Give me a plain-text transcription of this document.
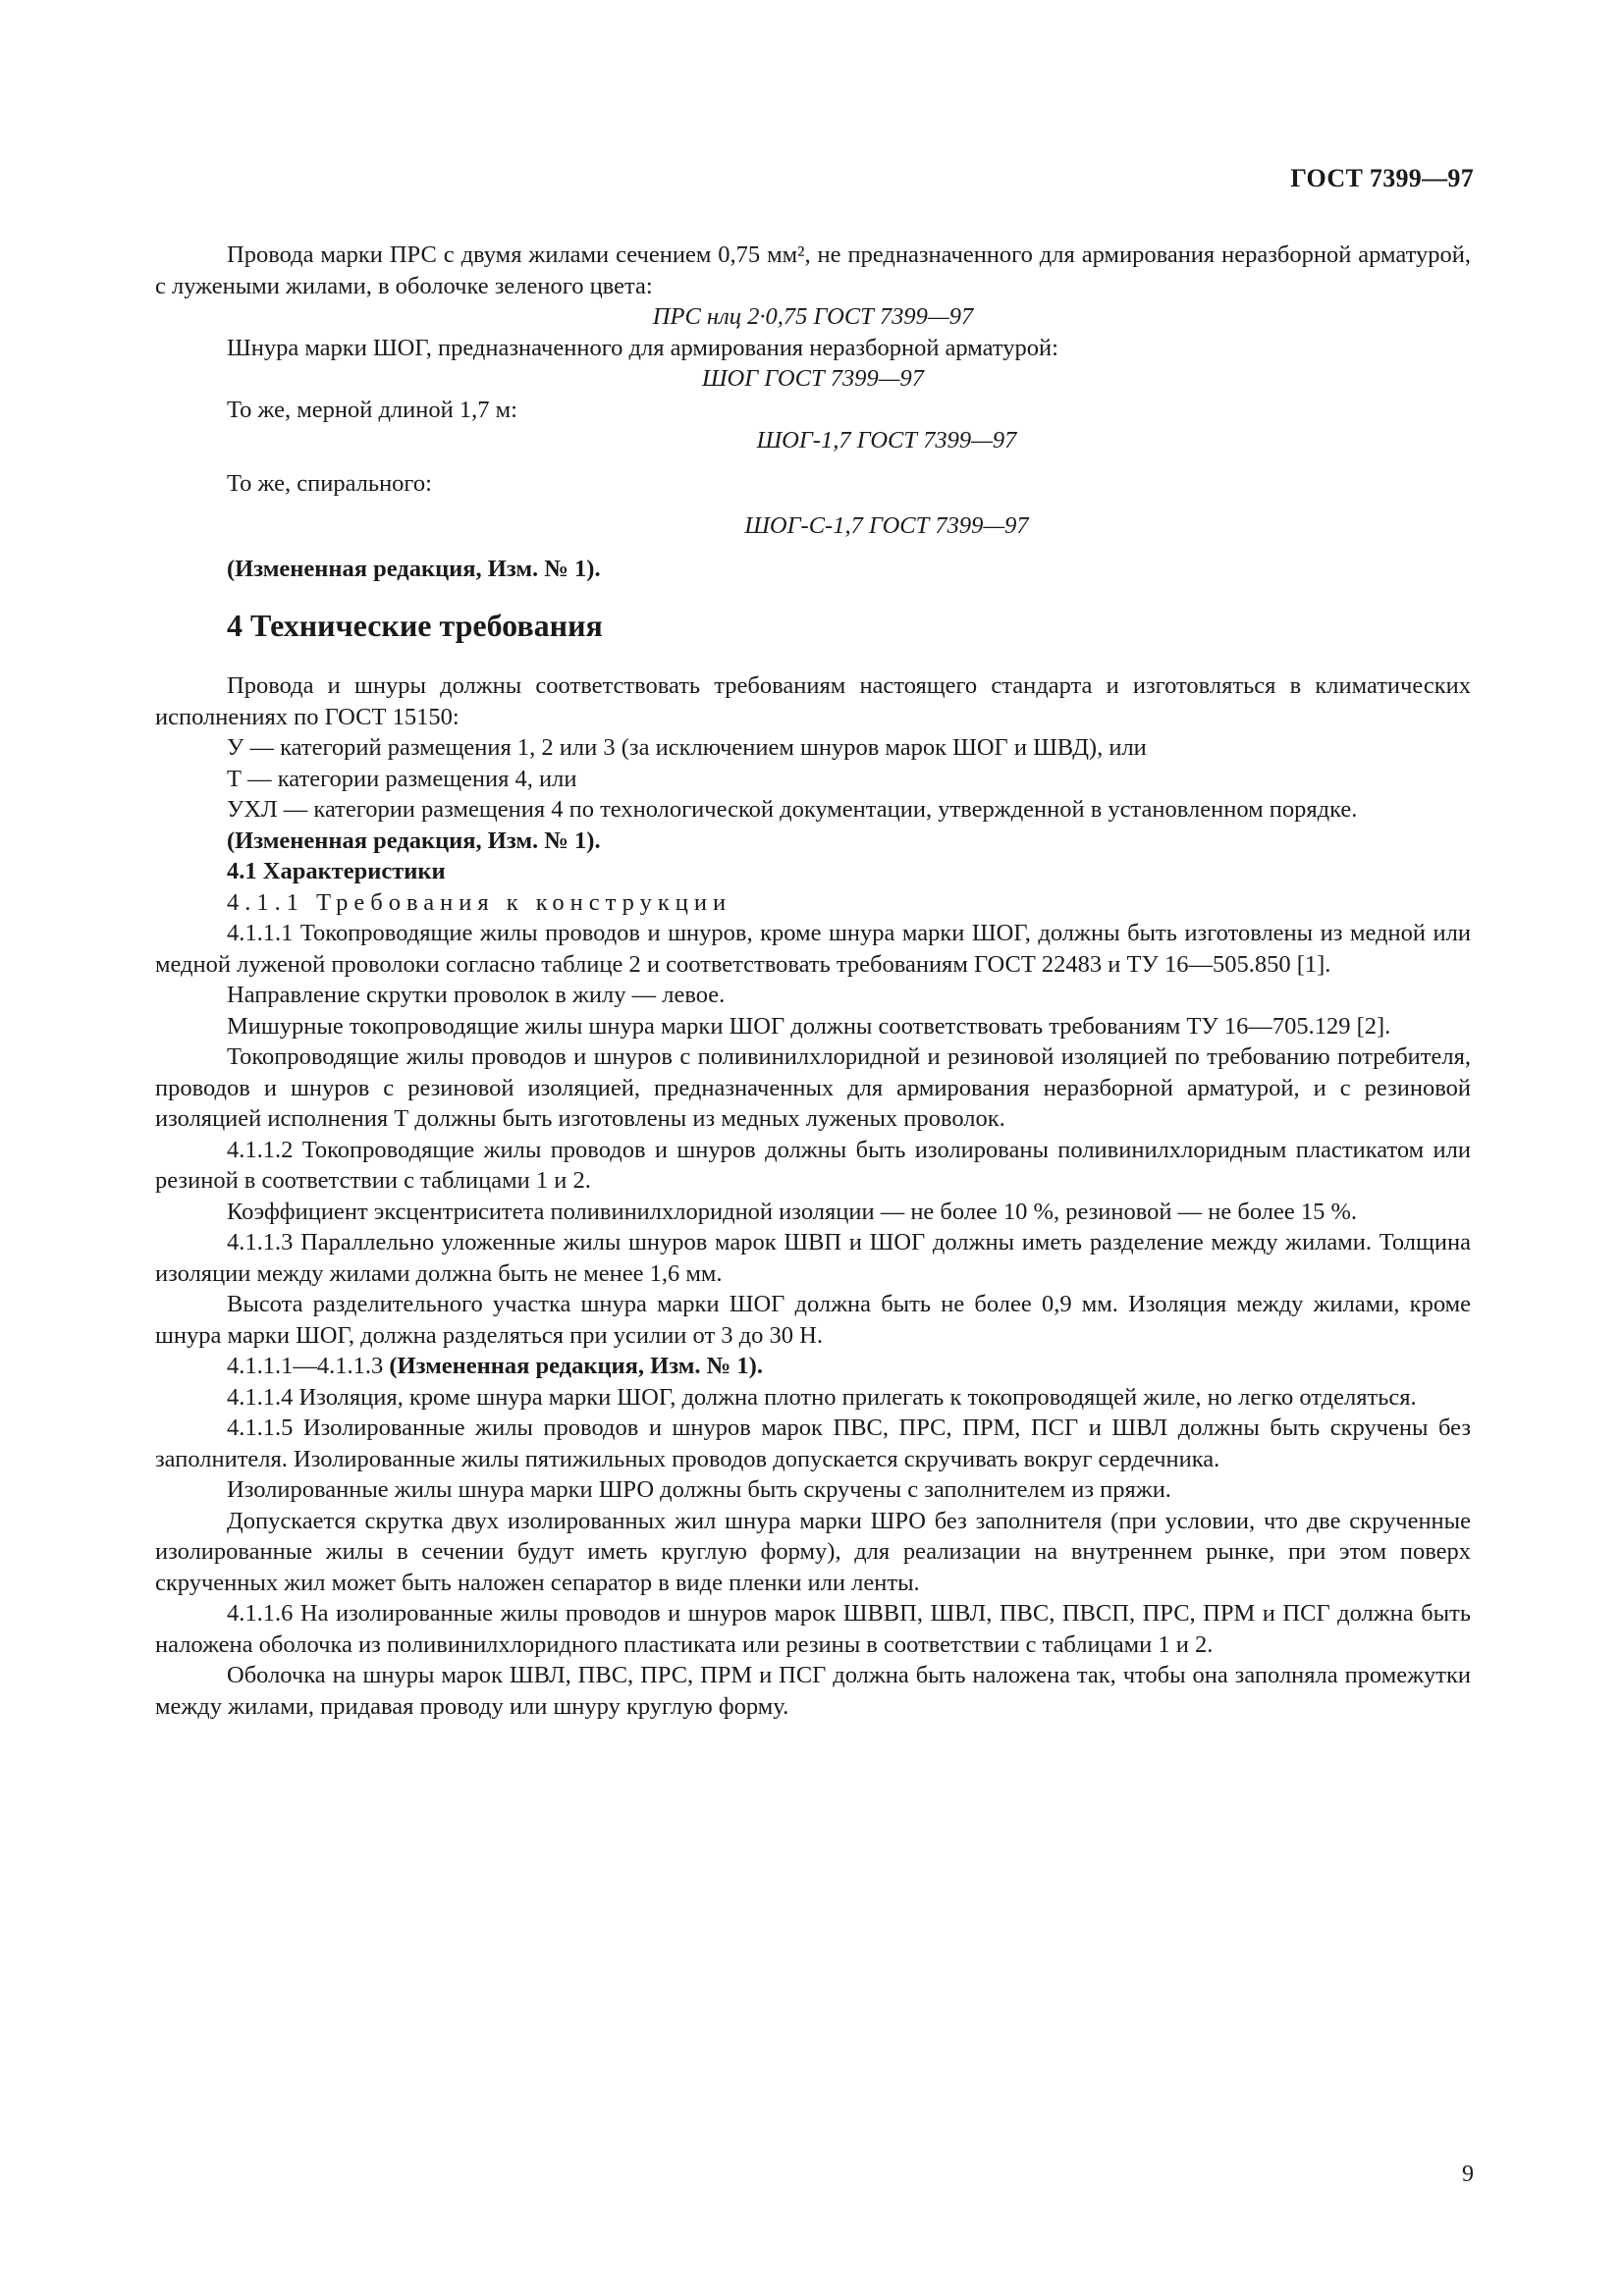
ГОСТ 7399—97

Провода марки ПРС с двумя жилами сечением 0,75 мм², не предназначенного для армирования неразборной арматурой, с лужеными жилами, в оболочке зеленого цвета:

ПРС нлц 2·0,75 ГОСТ 7399—97

Шнура марки ШОГ, предназначенного для армирования неразборной арматурой:

ШОГ ГОСТ 7399—97

То же, мерной длиной 1,7 м:

ШОГ-1,7 ГОСТ 7399—97

То же, спирального:

ШОГ-С-1,7 ГОСТ 7399—97

(Измененная редакция, Изм. № 1).

4 Технические требования

Провода и шнуры должны соответствовать требованиям настоящего стандарта и изготовляться в климатических исполнениях по ГОСТ 15150:

У — категорий размещения 1, 2 или 3 (за исключением шнуров марок ШОГ и ШВД), или

Т — категории размещения 4, или

УХЛ — категории размещения 4 по технологической документации, утвержденной в установленном порядке.

(Измененная редакция, Изм. № 1).

4.1 Характеристики

4.1.1 Требования к конструкции

4.1.1.1 Токопроводящие жилы проводов и шнуров, кроме шнура марки ШОГ, должны быть изготовлены из медной или медной луженой проволоки согласно таблице 2 и соответствовать требованиям ГОСТ 22483 и ТУ 16—505.850 [1].

Направление скрутки проволок в жилу — левое.

Мишурные токопроводящие жилы шнура марки ШОГ должны соответствовать требованиям ТУ 16—705.129 [2].

Токопроводящие жилы проводов и шнуров с поливинилхлоридной и резиновой изоляцией по требованию потребителя, проводов и шнуров с резиновой изоляцией, предназначенных для армирования неразборной арматурой, и с резиновой изоляцией исполнения Т должны быть изготовлены из медных луженых проволок.

4.1.1.2 Токопроводящие жилы проводов и шнуров должны быть изолированы поливинилхлоридным пластикатом или резиной в соответствии с таблицами 1 и 2.

Коэффициент эксцентриситета поливинилхлоридной изоляции — не более 10 %, резиновой — не более 15 %.

4.1.1.3 Параллельно уложенные жилы шнуров марок ШВП и ШОГ должны иметь разделение между жилами. Толщина изоляции между жилами должна быть не менее 1,6 мм.

Высота разделительного участка шнура марки ШОГ должна быть не более 0,9 мм. Изоляция между жилами, кроме шнура марки ШОГ, должна разделяться при усилии от 3 до 30 Н.

4.1.1.1—4.1.1.3 (Измененная редакция, Изм. № 1).

4.1.1.4 Изоляция, кроме шнура марки ШОГ, должна плотно прилегать к токопроводящей жиле, но легко отделяться.

4.1.1.5 Изолированные жилы проводов и шнуров марок ПВС, ПРС, ПРМ, ПСГ и ШВЛ должны быть скручены без заполнителя. Изолированные жилы пятижильных проводов допускается скручивать вокруг сердечника.

Изолированные жилы шнура марки ШРО должны быть скручены с заполнителем из пряжи.

Допускается скрутка двух изолированных жил шнура марки ШРО без заполнителя (при условии, что две скрученные изолированные жилы в сечении будут иметь круглую форму), для реализации на внутреннем рынке, при этом поверх скрученных жил может быть наложен сепаратор в виде пленки или ленты.

4.1.1.6 На изолированные жилы проводов и шнуров марок ШВВП, ШВЛ, ПВС, ПВСП, ПРС, ПРМ и ПСГ должна быть наложена оболочка из поливинилхлоридного пластиката или резины в соответствии с таблицами 1 и 2.

Оболочка на шнуры марок ШВЛ, ПВС, ПРС, ПРМ и ПСГ должна быть наложена так, чтобы она заполняла промежутки между жилами, придавая проводу или шнуру круглую форму.

9
